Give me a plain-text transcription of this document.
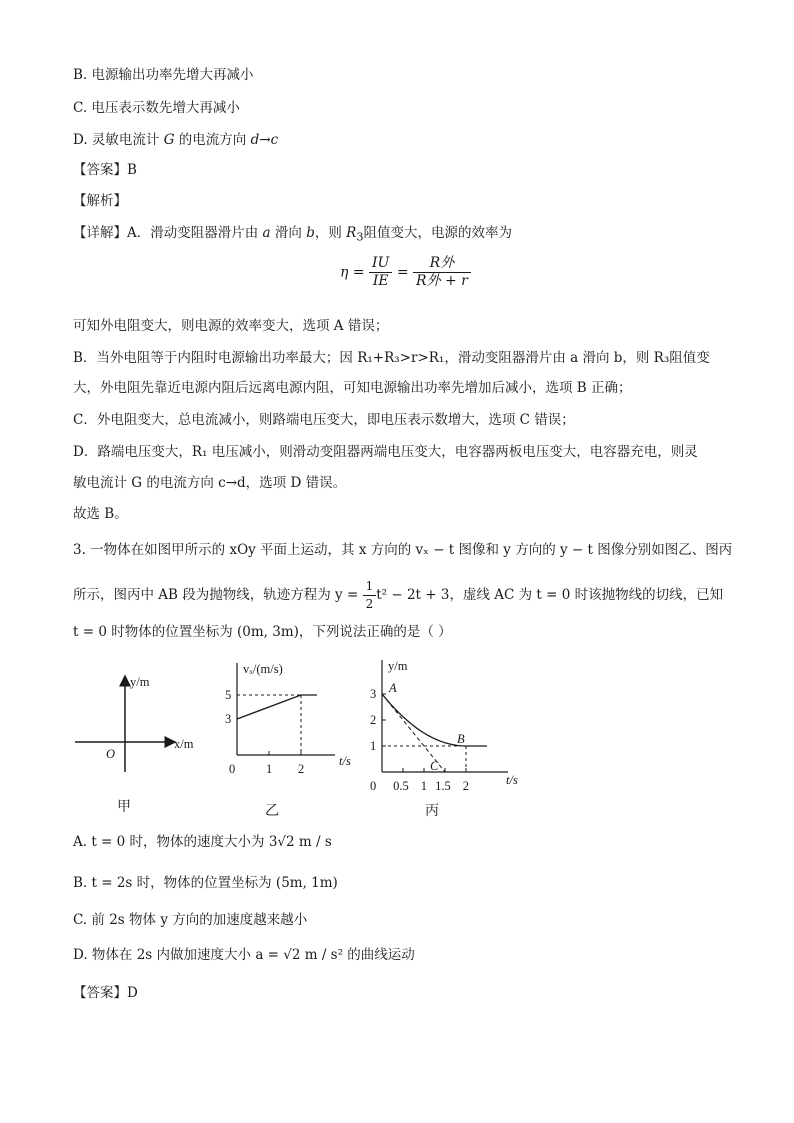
B. 电源输出功率先增大再减小
C. 电压表示数先增大再减小
D. 灵敏电流计 G 的电流方向 d→c
【答案】B
【解析】
【详解】A．滑动变阻器滑片由 a 滑向 b，则 $R_3$阻值变大，电源的效率为
$\eta = \frac{IU}{IE} = \frac{\text{R外}}{\text{R外 + r}}$
可知外电阻变大，则电源的效率变大，选项 A 错误；
B．当外电阻等于内阻时电源输出功率最大；因 R₁+R₃>r>R₁，滑动变阻器滑片由 a 滑向 b，则 R₃阻值变
大，外电阻先靠近电源内阻后远离电源内阻，可知电源输出功率先增加后减小，选项 B 正确；
C．外电阻变大，总电流减小，则路端电压变大，即电压表示数增大，选项 C 错误；
D．路端电压变大，R₁ 电压减小，则滑动变阻器两端电压变大，电容器两板电压变大，电容器充电，则灵
敏电流计 G 的电流方向 c→d，选项 D 错误。
故选 B。
3. 一物体在如图甲所示的 xOy 平面上运动，其 x 方向的 vₓ − t 图像和 y 方向的 y − t 图像分别如图乙、图丙
所示，图丙中 AB 段为抛物线，轨迹方程为 $y = \frac{1}{2} t^2 - 2t + 3$，虚线 AC 为 t = 0 时该抛物线的切线，已知
t = 0 时物体的位置坐标为 (0m, 3m)，下列说法正确的是（ ）
y/m
x/m
O
甲
vₓ/(m/s)
t/s
3
5
0 1 2
乙
y/m
t/s
1
2
3
0 0.5 1 1.5 2
A
B
C
丙
A. t = 0 时，物体的速度大小为 3√2 m / s
B. t = 2s 时，物体的位置坐标为 (5m, 1m)
C. 前 2s 物体 y 方向的加速度越来越小
D. 物体在 2s 内做加速度大小 a = √2 m / s² 的曲线运动
【答案】D
